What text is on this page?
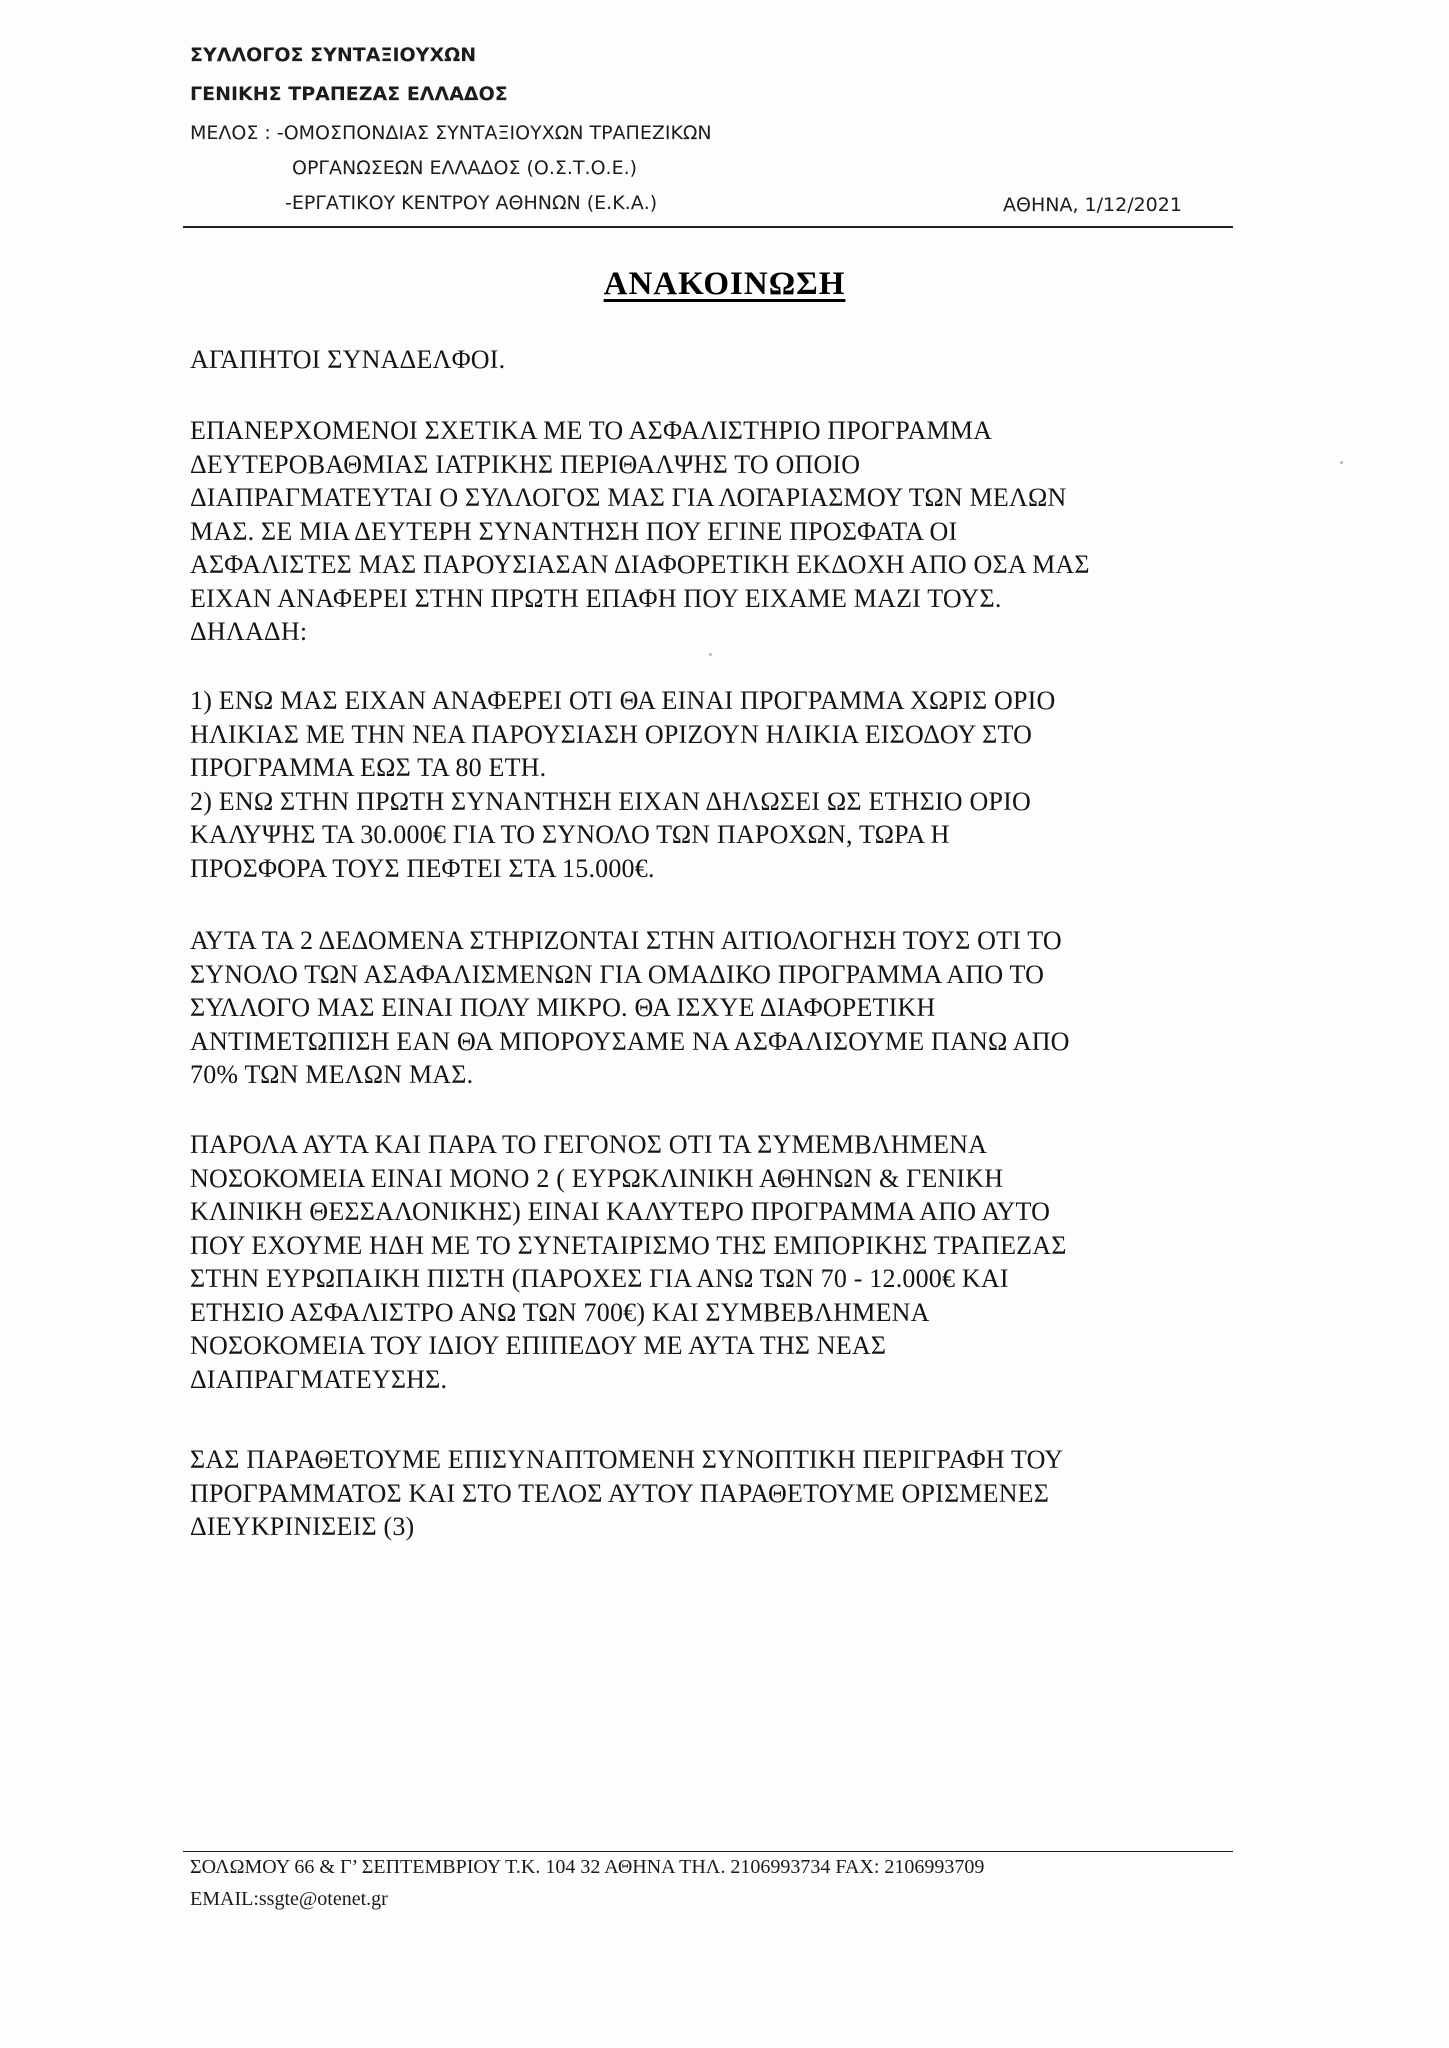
ΣΥΛΛΟΓΟΣ ΣΥΝΤΑΞΙΟΥΧΩΝ
ΓΕΝΙΚΗΣ ΤΡΑΠΕΖΑΣ ΕΛΛΑΔΟΣ
ΜΕΛΟΣ : -ΟΜΟΣΠΟΝΔΙΑΣ ΣΥΝΤΑΞΙΟΥΧΩΝ ΤΡΑΠΕΖΙΚΩΝ
ΟΡΓΑΝΩΣΕΩΝ ΕΛΛΑΔΟΣ (Ο.Σ.Τ.Ο.Ε.)
-ΕΡΓΑΤΙΚΟΥ ΚΕΝΤΡΟΥ ΑΘΗΝΩΝ (Ε.Κ.Α.)	ΑΘΗΝΑ, 1/12/2021
ΑΝΑΚΟΙΝΩΣΗ
ΑΓΑΠΗΤΟΙ ΣΥΝΑΔΕΛΦΟΙ.
ΕΠΑΝΕΡΧΟΜΕΝΟΙ ΣΧΕΤΙΚΑ ΜΕ ΤΟ ΑΣΦΑΛΙΣΤΗΡΙΟ ΠΡΟΓΡΑΜΜΑ
ΔΕΥΤΕΡΟΒΑΘΜΙΑΣ ΙΑΤΡΙΚΗΣ ΠΕΡΙΘΑΛΨΗΣ ΤΟ ΟΠΟΙΟ
ΔΙΑΠΡΑΓΜΑΤΕΥΤΑΙ Ο ΣΥΛΛΟΓΟΣ ΜΑΣ ΓΙΑ ΛΟΓΑΡΙΑΣΜΟΥ ΤΩΝ ΜΕΛΩΝ
ΜΑΣ. ΣΕ ΜΙΑ ΔΕΥΤΕΡΗ ΣΥΝΑΝΤΗΣΗ ΠΟΥ ΕΓΙΝΕ ΠΡΟΣΦΑΤΑ ΟΙ
ΑΣΦΑΛΙΣΤΕΣ ΜΑΣ ΠΑΡΟΥΣΙΑΣΑΝ ΔΙΑΦΟΡΕΤΙΚΗ ΕΚΔΟΧΗ ΑΠΟ ΟΣΑ ΜΑΣ
ΕΙΧΑΝ ΑΝΑΦΕΡΕΙ ΣΤΗΝ ΠΡΩΤΗ ΕΠΑΦΗ ΠΟΥ ΕΙΧΑΜΕ ΜΑΖΙ ΤΟΥΣ.
ΔΗΛΑΔΗ:
1) ΕΝΩ ΜΑΣ ΕΙΧΑΝ ΑΝΑΦΕΡΕΙ ΟΤΙ ΘΑ ΕΙΝΑΙ ΠΡΟΓΡΑΜΜΑ ΧΩΡΙΣ ΟΡΙΟ
ΗΛΙΚΙΑΣ ΜΕ ΤΗΝ ΝΕΑ ΠΑΡΟΥΣΙΑΣΗ ΟΡΙΖΟΥΝ ΗΛΙΚΙΑ ΕΙΣΟΔΟΥ ΣΤΟ
ΠΡΟΓΡΑΜΜΑ ΕΩΣ ΤΑ 80 ΕΤΗ.
2) ΕΝΩ ΣΤΗΝ ΠΡΩΤΗ ΣΥΝΑΝΤΗΣΗ ΕΙΧΑΝ ΔΗΛΩΣΕΙ ΩΣ ΕΤΗΣΙΟ ΟΡΙΟ
ΚΑΛΥΨΗΣ ΤΑ 30.000€ ΓΙΑ ΤΟ ΣΥΝΟΛΟ ΤΩΝ ΠΑΡΟΧΩΝ, ΤΩΡΑ Η
ΠΡΟΣΦΟΡΑ ΤΟΥΣ ΠΕΦΤΕΙ ΣΤΑ 15.000€.
ΑΥΤΑ ΤΑ 2 ΔΕΔΟΜΕΝΑ ΣΤΗΡΙΖΟΝΤΑΙ ΣΤΗΝ ΑΙΤΙΟΛΟΓΗΣΗ ΤΟΥΣ ΟΤΙ ΤΟ
ΣΥΝΟΛΟ ΤΩΝ ΑΣΑΦΑΛΙΣΜΕΝΩΝ ΓΙΑ ΟΜΑΔΙΚΟ ΠΡΟΓΡΑΜΜΑ ΑΠΟ ΤΟ
ΣΥΛΛΟΓΟ ΜΑΣ ΕΙΝΑΙ ΠΟΛΥ ΜΙΚΡΟ. ΘΑ ΙΣΧΥΕ ΔΙΑΦΟΡΕΤΙΚΗ
ΑΝΤΙΜΕΤΩΠΙΣΗ ΕΑΝ ΘΑ ΜΠΟΡΟΥΣΑΜΕ ΝΑ ΑΣΦΑΛΙΣΟΥΜΕ ΠΑΝΩ ΑΠΟ
70% ΤΩΝ ΜΕΛΩΝ ΜΑΣ.
ΠΑΡΟΛΑ ΑΥΤΑ ΚΑΙ ΠΑΡΑ ΤΟ ΓΕΓΟΝΟΣ ΟΤΙ ΤΑ ΣΥΜΕΜΒΛΗΜΕΝΑ
ΝΟΣΟΚΟΜΕΙΑ ΕΙΝΑΙ ΜΟΝΟ 2 ( ΕΥΡΩΚΛΙΝΙΚΗ ΑΘΗΝΩΝ & ΓΕΝΙΚΗ
ΚΛΙΝΙΚΗ ΘΕΣΣΑΛΟΝΙΚΗΣ) ΕΙΝΑΙ ΚΑΛΥΤΕΡΟ ΠΡΟΓΡΑΜΜΑ ΑΠΟ ΑΥΤΟ
ΠΟΥ ΕΧΟΥΜΕ ΗΔΗ ΜΕ ΤΟ ΣΥΝΕΤΑΙΡΙΣΜΟ ΤΗΣ ΕΜΠΟΡΙΚΗΣ ΤΡΑΠΕΖΑΣ
ΣΤΗΝ ΕΥΡΩΠΑΙΚΗ ΠΙΣΤΗ (ΠΑΡΟΧΕΣ ΓΙΑ ΑΝΩ ΤΩΝ 70 - 12.000€ ΚΑΙ
ΕΤΗΣΙΟ ΑΣΦΑΛΙΣΤΡΟ ΑΝΩ ΤΩΝ 700€) ΚΑΙ ΣΥΜΒΕΒΛΗΜΕΝΑ
ΝΟΣΟΚΟΜΕΙΑ ΤΟΥ ΙΔΙΟΥ ΕΠΙΠΕΔΟΥ ΜΕ ΑΥΤΑ ΤΗΣ ΝΕΑΣ
ΔΙΑΠΡΑΓΜΑΤΕΥΣΗΣ.
ΣΑΣ ΠΑΡΑΘΕΤΟΥΜΕ ΕΠΙΣΥΝΑΠΤΟΜΕΝΗ ΣΥΝΟΠΤΙΚΗ ΠΕΡΙΓΡΑΦΗ ΤΟΥ
ΠΡΟΓΡΑΜΜΑΤΟΣ ΚΑΙ ΣΤΟ ΤΕΛΟΣ ΑΥΤΟΥ ΠΑΡΑΘΕΤΟΥΜΕ ΟΡΙΣΜΕΝΕΣ
ΔΙΕΥΚΡΙΝΙΣΕΙΣ (3)
ΣΟΛΩΜΟΥ 66 & Γ’ ΣΕΠΤΕΜΒΡΙΟΥ Τ.Κ. 104 32 ΑΘΗΝΑ ΤΗΛ. 2106993734 FAX: 2106993709
EMAIL:ssgte@otenet.gr
